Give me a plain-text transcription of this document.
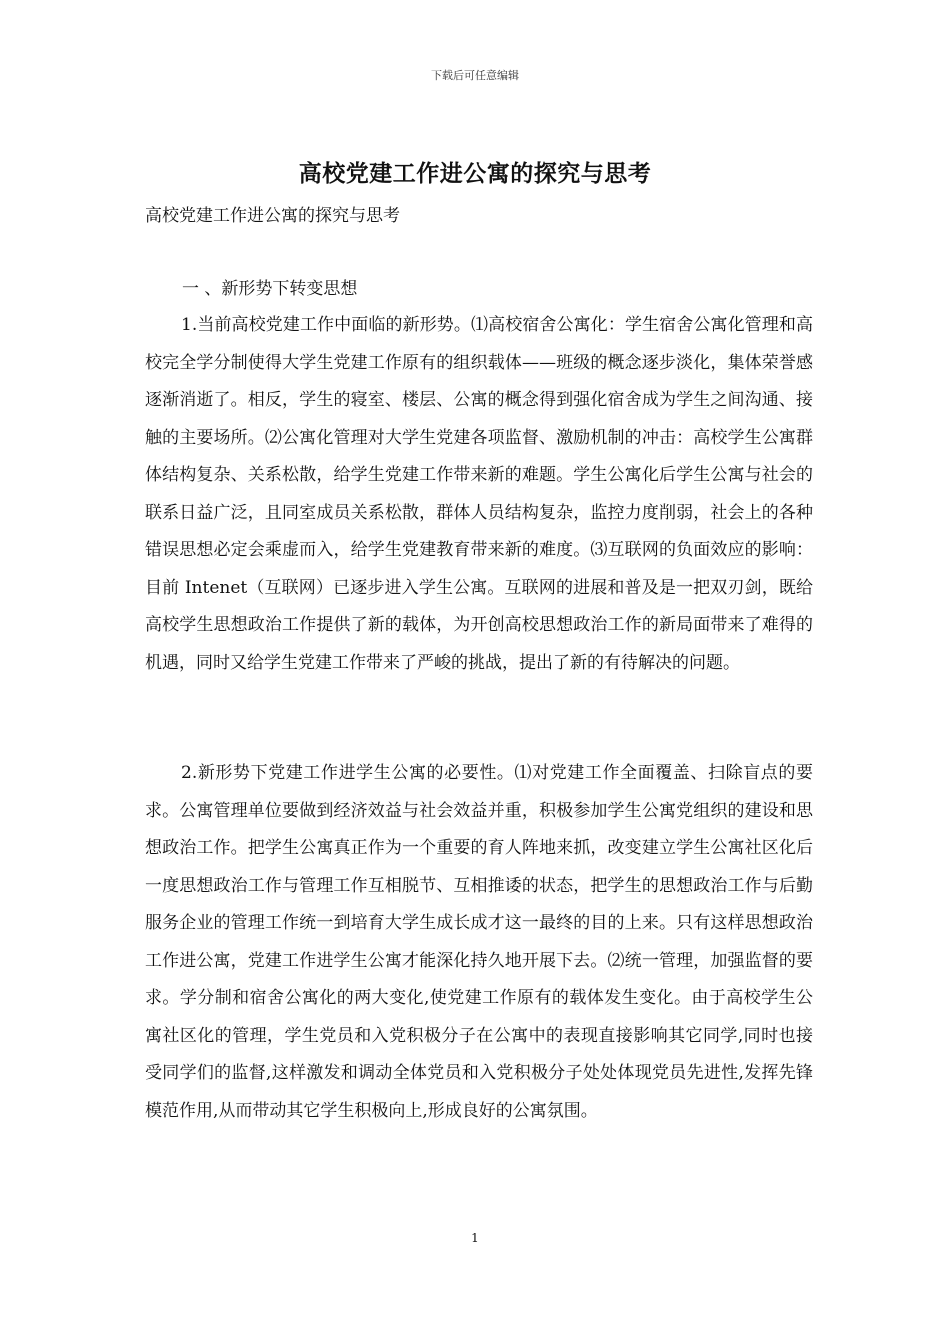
下载后可任意编辑
高校党建工作进公寓的探究与思考
高校党建工作进公寓的探究与思考
一 、新形势下转变思想

1.当前高校党建工作中面临的新形势。⑴高校宿舍公寓化：学生宿舍公寓化管理和高校完全学分制使得大学生党建工作原有的组织载体——班级的概念逐步淡化，集体荣誉感逐渐消逝了。相反，学生的寝室、楼层、公寓的概念得到强化宿舍成为学生之间沟通、接触的主要场所。⑵公寓化管理对大学生党建各项监督、激励机制的冲击：高校学生公寓群体结构复杂、关系松散，给学生党建工作带来新的难题。学生公寓化后学生公寓与社会的联系日益广泛，且同室成员关系松散，群体人员结构复杂，监控力度削弱，社会上的各种错误思想必定会乘虚而入，给学生党建教育带来新的难度。⑶互联网的负面效应的影响：目前 Intenet（互联网）已逐步进入学生公寓。互联网的进展和普及是一把双刃剑，既给高校学生思想政治工作提供了新的载体，为开创高校思想政治工作的新局面带来了难得的机遇，同时又给学生党建工作带来了严峻的挑战，提出了新的有待解决的问题。

2.新形势下党建工作进学生公寓的必要性。⑴对党建工作全面覆盖、扫除盲点的要求。公寓管理单位要做到经济效益与社会效益并重，积极参加学生公寓党组织的建设和思想政治工作。把学生公寓真正作为一个重要的育人阵地来抓，改变建立学生公寓社区化后一度思想政治工作与管理工作互相脱节、互相推诿的状态，把学生的思想政治工作与后勤服务企业的管理工作统一到培育大学生成长成才这一最终的目的上来。只有这样思想政治工作进公寓，党建工作进学生公寓才能深化持久地开展下去。⑵统一管理，加强监督的要求。学分制和宿舍公寓化的两大变化,使党建工作原有的载体发生变化。由于高校学生公寓社区化的管理，学生党员和入党积极分子在公寓中的表现直接影响其它同学,同时也接受同学们的监督,这样激发和调动全体党员和入党积极分子处处体现党员先进性,发挥先锋模范作用,从而带动其它学生积极向上,形成良好的公寓氛围。

1
